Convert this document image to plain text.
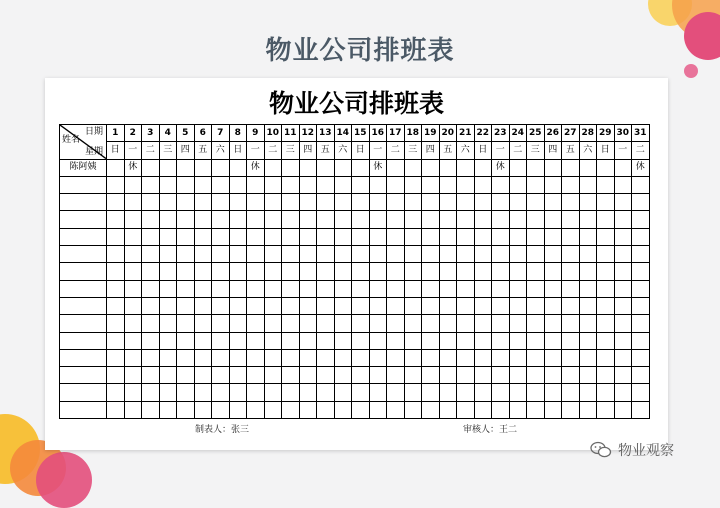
物业公司排班表
物业公司排班表
日期
星期
姓名	1	2	3	4	5	6	7	8	9	10	11	12	13	14	15	16	17	18	19	20	21	22	23	24	25	26	27	28	29	30	31
	日	一	二	三	四	五	六	日	一	二	三	四	五	六	日	一	二	三	四	五	六	日	一	二	三	四	五	六	日	一	二
陈阿姨		休							休							休							休								休

制表人：张三	审核人：王二
物业观察
